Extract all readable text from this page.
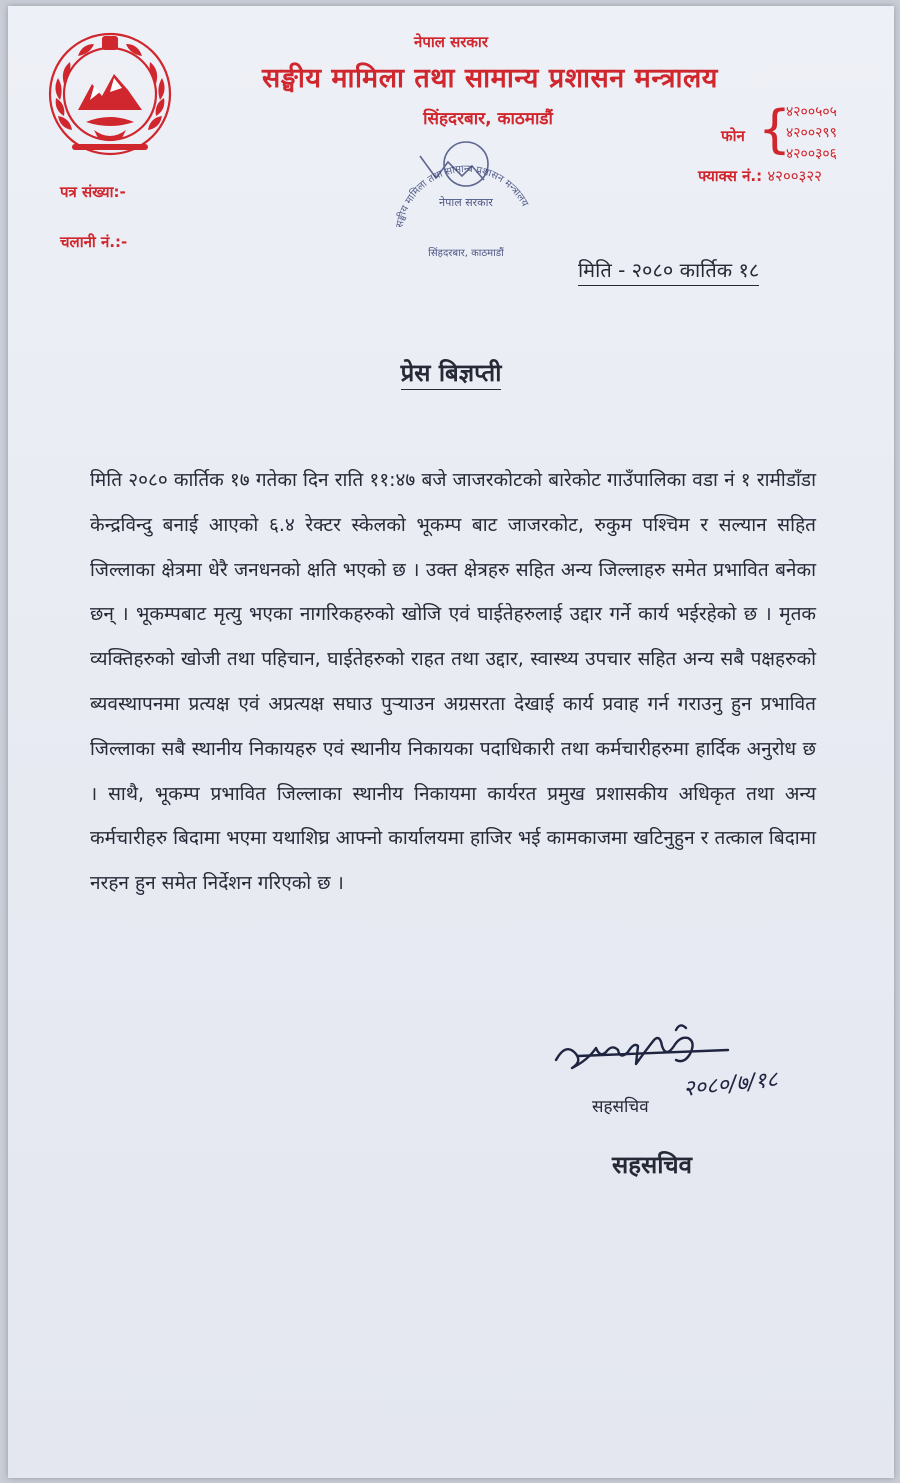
नेपाल सरकार
सङ्घीय मामिला तथा सामान्य प्रशासन मन्त्रालय
सिंहदरबार, काठमाडौं
फोन {
४२००५०५
४२००२९९
४२००३०६
फ्याक्स नं.: ४२००३२२
पत्र संख्या:-
चलानी नं.:-
सङ्घीय मामिला तथा सामान्य प्रशासन मन्त्रालय
नेपाल सरकार
सिंहदरबार, काठमाडौं
मिति - २०८० कार्तिक १८
प्रेस बिज्ञप्ती
मिति २०८० कार्तिक १७ गतेका दिन राति ११:४७ बजे जाजरकोटको बारेकोट गाउँपालिका वडा नं १ रामीडाँडा केन्द्रविन्दु बनाई आएको ६.४ रेक्टर स्केलको भूकम्प बाट जाजरकोट, रुकुम पश्चिम र सल्यान सहित जिल्लाका क्षेत्रमा धेरै जनधनको क्षति भएको छ । उक्त क्षेत्रहरु सहित अन्य जिल्लाहरु समेत प्रभावित बनेका छन् । भूकम्पबाट मृत्यु भएका नागरिकहरुको खोजि एवं घाईतेहरुलाई उद्दार गर्ने कार्य भईरहेको छ । मृतक व्यक्तिहरुको खोजी तथा पहिचान, घाईतेहरुको राहत तथा उद्दार, स्वास्थ्य उपचार सहित अन्य सबै पक्षहरुको ब्यवस्थापनमा प्रत्यक्ष एवं अप्रत्यक्ष सघाउ पुर्‍याउन अग्रसरता देखाई कार्य प्रवाह गर्न गराउनु हुन प्रभावित जिल्लाका सबै स्थानीय निकायहरु एवं स्थानीय निकायका पदाधिकारी तथा कर्मचारीहरुमा हार्दिक अनुरोध छ । साथै, भूकम्प प्रभावित जिल्लाका स्थानीय निकायमा कार्यरत प्रमुख प्रशासकीय अधिकृत तथा अन्य कर्मचारीहरु बिदामा भएमा यथाशिघ्र आफ्नो कार्यालयमा हाजिर भई कामकाजमा खटिनुहुन र तत्काल बिदामा नरहन हुन समेत निर्देशन गरिएको छ ।
२०८०/७/१८
सहसचिव
सहसचिव
